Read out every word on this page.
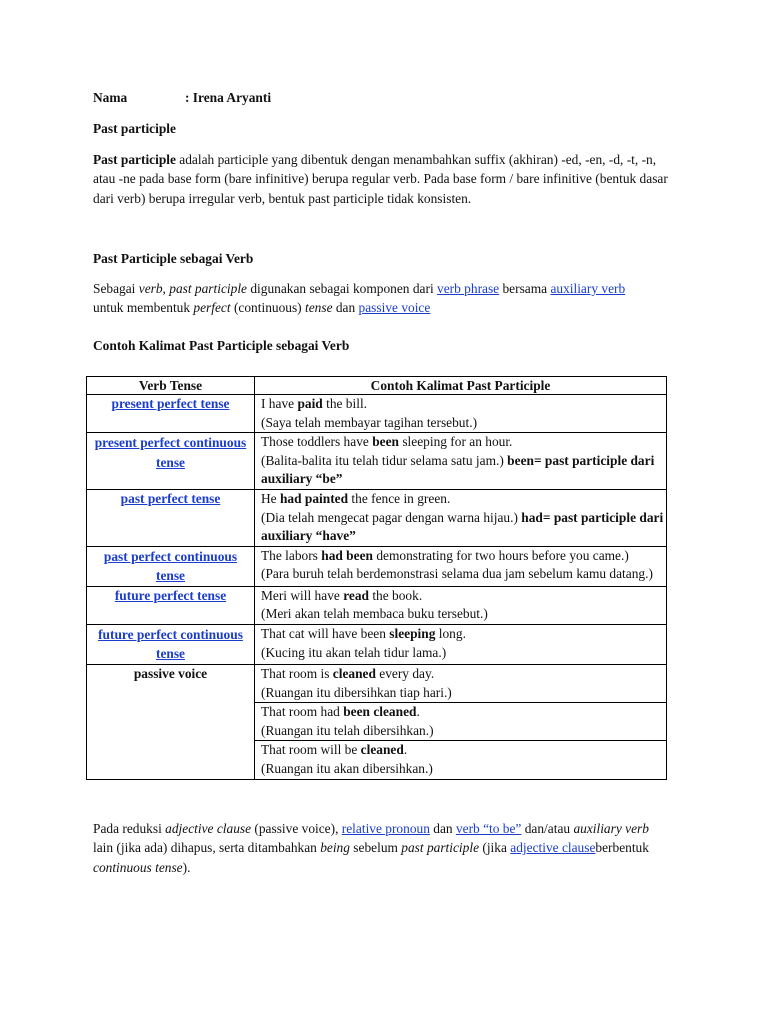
Nama	: Irena Aryanti

Past participle

Past participle adalah participle yang dibentuk dengan menambahkan suffix (akhiran) -ed, -en, -d, -t, -n, atau -ne pada base form (bare infinitive) berupa regular verb. Pada base form / bare infinitive (bentuk dasar dari verb) berupa irregular verb, bentuk past participle tidak konsisten.

Past Participle sebagai Verb

Sebagai verb, past participle digunakan sebagai komponen dari verb phrase bersama auxiliary verb untuk membentuk perfect (continuous) tense dan passive voice

Contoh Kalimat Past Participle sebagai Verb

Verb Tense	Contoh Kalimat Past Participle
present perfect tense	I have paid the bill.
(Saya telah membayar tagihan tersebut.)
present perfect continuous tense	Those toddlers have been sleeping for an hour.
(Balita-balita itu telah tidur selama satu jam.) been= past participle dari auxiliary “be”
past perfect tense	He had painted the fence in green.
(Dia telah mengecat pagar dengan warna hijau.) had= past participle dari auxiliary “have”
past perfect continuous tense	The labors had been demonstrating for two hours before you came.)
(Para buruh telah berdemonstrasi selama dua jam sebelum kamu datang.)
future perfect tense	Meri will have read the book.
(Meri akan telah membaca buku tersebut.)
future perfect continuous tense	That cat will have been sleeping long.
(Kucing itu akan telah tidur lama.)
passive voice	That room is cleaned every day.
(Ruangan itu dibersihkan tiap hari.)
	That room had been cleaned.
(Ruangan itu telah dibersihkan.)
	That room will be cleaned.
(Ruangan itu akan dibersihkan.)

Pada reduksi adjective clause (passive voice), relative pronoun dan verb “to be” dan/atau auxiliary verb lain (jika ada) dihapus, serta ditambahkan being sebelum past participle (jika adjective clauseberbentuk continuous tense).
